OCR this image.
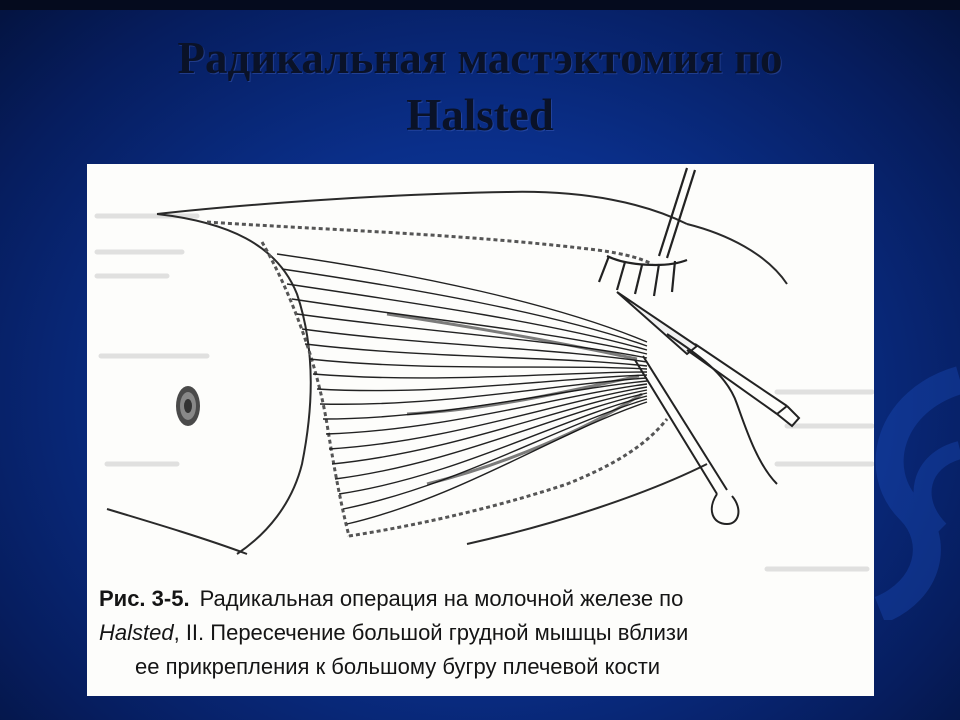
Радикальная мастэктомия по
Halsted

Рис. 3-5. Радикальная операция на молочной железе по
Halsted, II. Пересечение большой грудной мышцы вблизи
ее прикрепления к большому бугру плечевой кости
